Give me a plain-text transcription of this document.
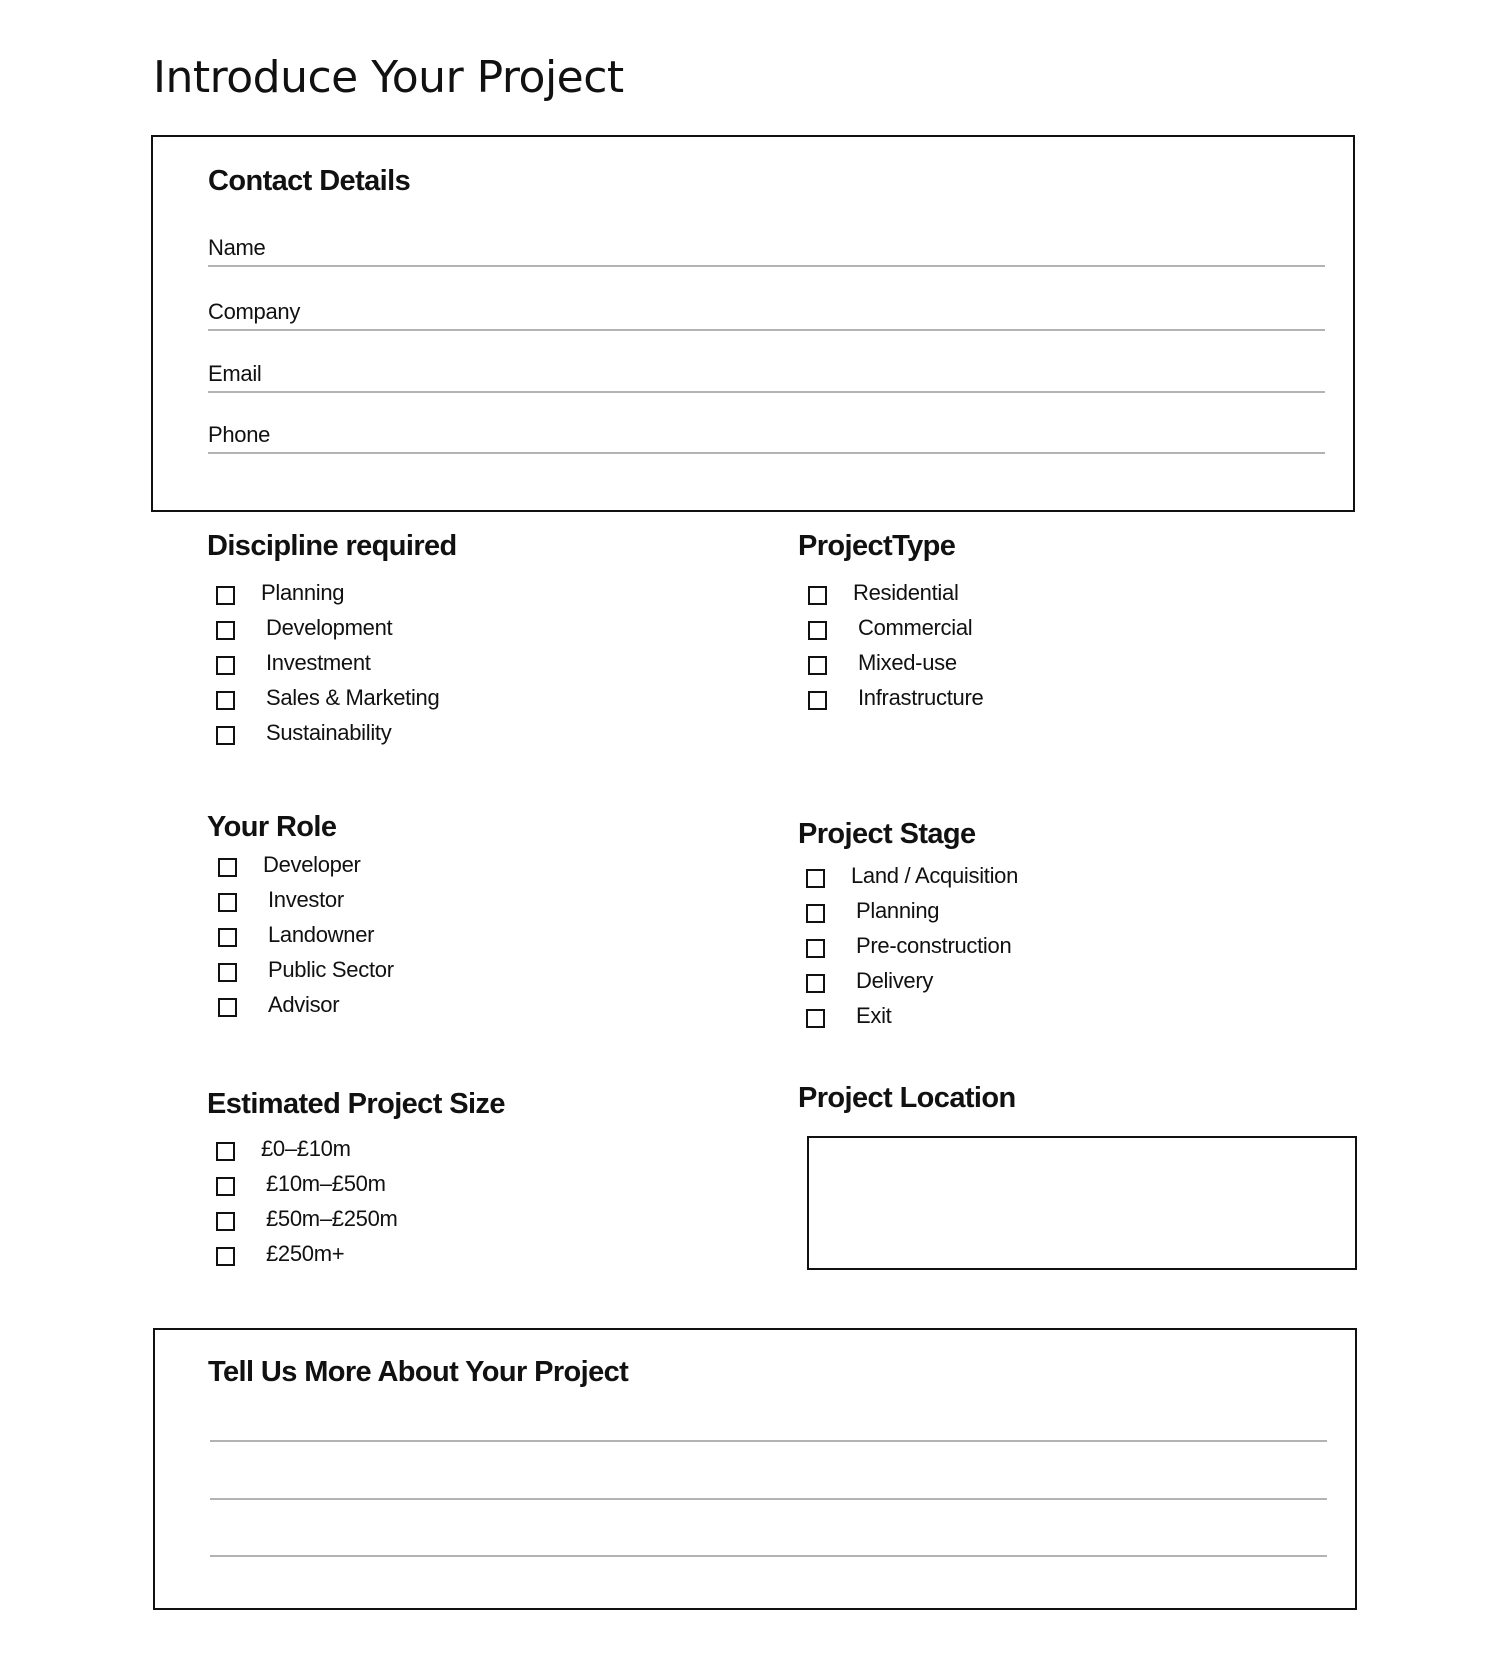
Introduce Your Project
Contact Details
Name
Company
Email
Phone
Discipline required
Planning
Development
Investment
Sales & Marketing
Sustainability
ProjectType
Residential
Commercial
Mixed-use
Infrastructure
Your Role
Developer
Investor
Landowner
Public Sector
Advisor
Project Stage
Land / Acquisition
Planning
Pre-construction
Delivery
Exit
Estimated Project Size
£0–£10m
£10m–£50m
£50m–£250m
£250m+
Project Location
Tell Us More About Your Project
